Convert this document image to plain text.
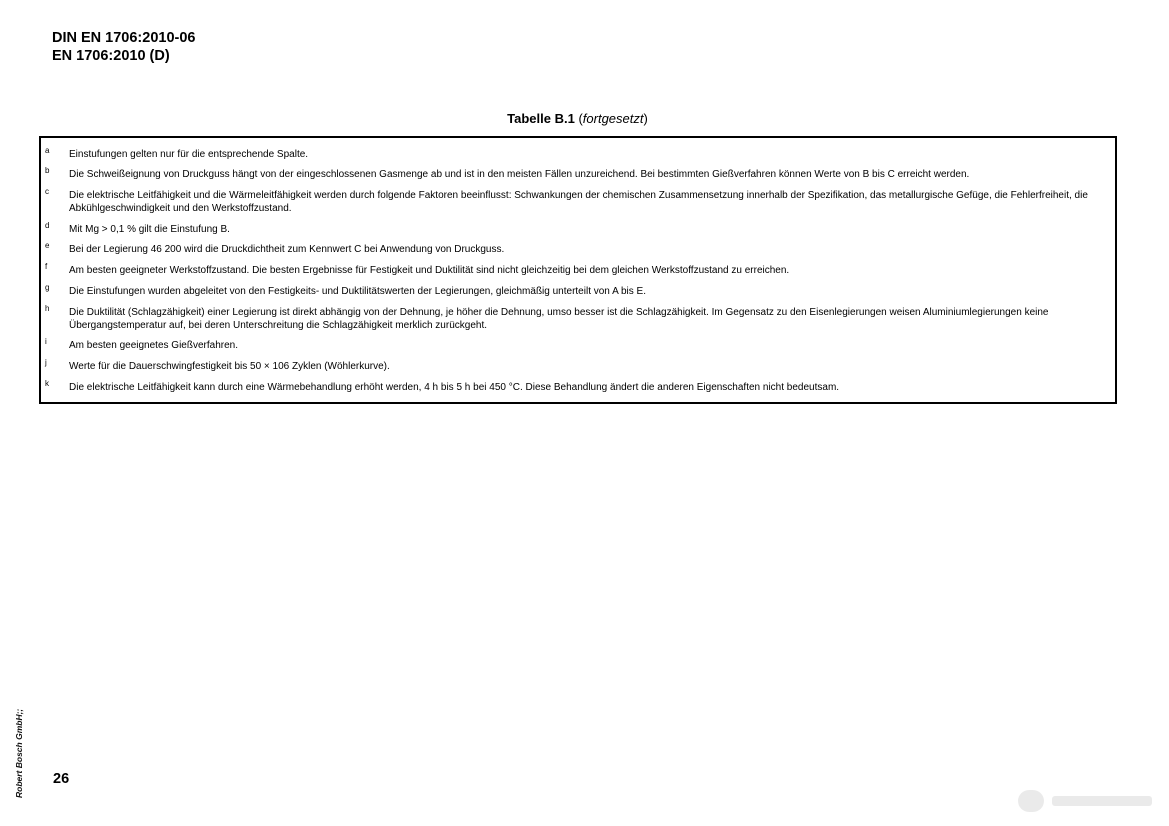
DIN EN 1706:2010-06
EN 1706:2010 (D)
Tabelle B.1 (fortgesetzt)
a Einstufungen gelten nur für die entsprechende Spalte.
b Die Schweißeignung von Druckguss hängt von der eingeschlossenen Gasmenge ab und ist in den meisten Fällen unzureichend. Bei bestimmten Gießverfahren können Werte von B bis C erreicht werden.
c Die elektrische Leitfähigkeit und die Wärmeleitfähigkeit werden durch folgende Faktoren beeinflusst: Schwankungen der chemischen Zusammensetzung innerhalb der Spezifikation, das metallurgische Gefüge, die Fehlerfreiheit, die Abkühlgeschwindigkeit und den Werkstoffzustand.
d Mit Mg > 0,1 % gilt die Einstufung B.
e Bei der Legierung 46 200 wird die Druckdichtheit zum Kennwert C bei Anwendung von Druckguss.
f Am besten geeigneter Werkstoffzustand. Die besten Ergebnisse für Festigkeit und Duktilität sind nicht gleichzeitig bei dem gleichen Werkstoffzustand zu erreichen.
g Die Einstufungen wurden abgeleitet von den Festigkeits- und Duktilitätswerten der Legierungen, gleichmäßig unterteilt von A bis E.
h Die Duktilität (Schlagzähigkeit) einer Legierung ist direkt abhängig von der Dehnung, je höher die Dehnung, umso besser ist die Schlagzähigkeit. Im Gegensatz zu den Eisenlegierungen weisen Aluminiumlegierungen keine Übergangstemperatur auf, bei deren Unterschreitung die Schlagzähigkeit merklich zurückgeht.
i Am besten geeignetes Gießverfahren.
j Werte für die Dauerschwingfestigkeit bis 50 × 106 Zyklen (Wöhlerkurve).
k Die elektrische Leitfähigkeit kann durch eine Wärmebehandlung erhöht werden, 4 h bis 5 h bei 450 °C. Diese Behandlung ändert die anderen Eigenschaften nicht bedeutsam.
26
Robert Bosch GmbH;;
